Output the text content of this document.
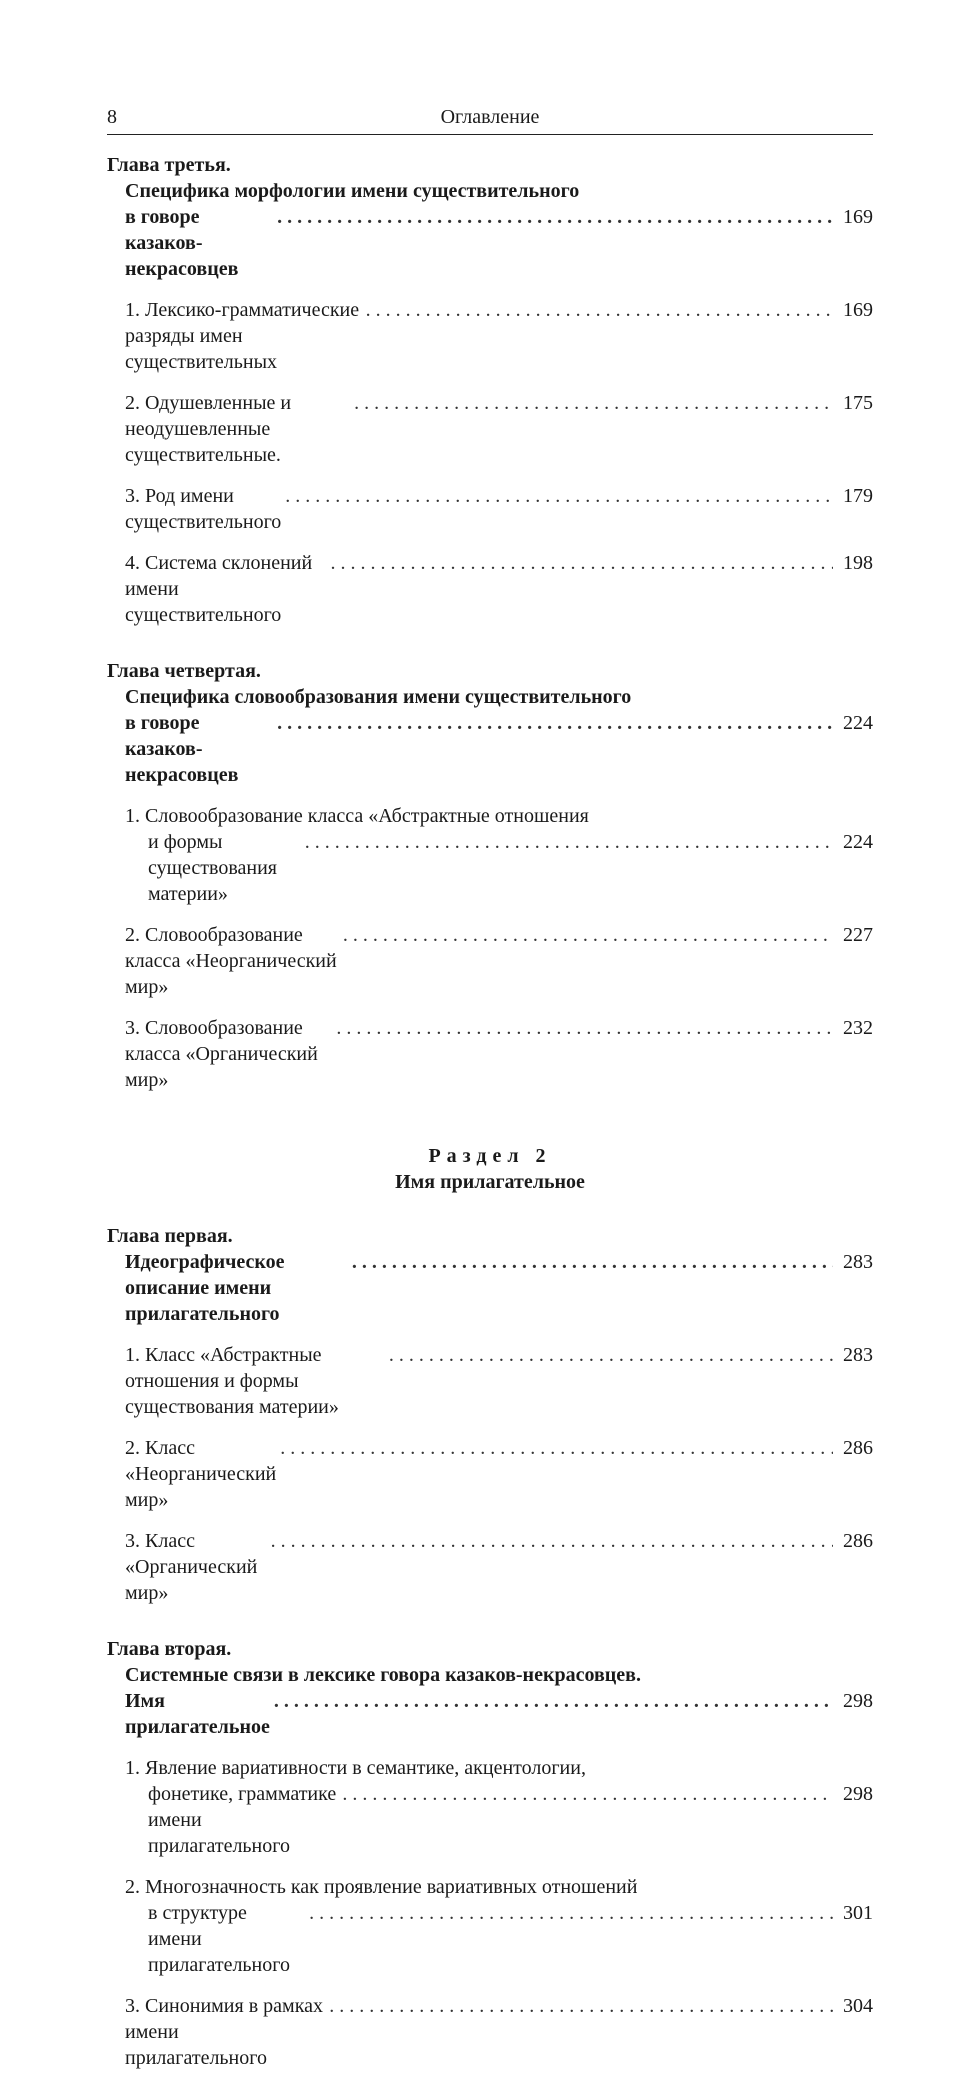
8	Оглавление
Глава третья.
Специфика морфологии имени существительного
в говоре казаков-некрасовцев
. . .
169
1. Лексико-грамматические разряды имен существительных
. . .
169
2. Одушевленные и неодушевленные существительные.
. . .
175
3. Род имени существительного
. . .
179
4. Система склонений имени существительного
. . .
198
Глава четвертая.
Специфика словообразования имени существительного
в говоре казаков-некрасовцев
. . .
224
1. Словообразование класса «Абстрактные отношения
и формы существования материи»
. . .
224
2. Словообразование класса «Неорганический мир»
. . .
227
3. Словообразование класса «Органический мир»
. . .
232
Раздел 2
Имя прилагательное
Глава первая.
Идеографическое описание имени прилагательного
. . .
283
1. Класс «Абстрактные отношения и формы существования материи»
. . .
283
2. Класс «Неорганический мир»
. . .
286
3. Класс «Органический мир»
. . .
286
Глава вторая.
Системные связи в лексике говора казаков-некрасовцев.
Имя прилагательное
. . .
298
1. Явление вариативности в семантике, акцентологии,
фонетике, грамматике имени прилагательного
. . .
298
2. Многозначность как проявление вариативных отношений
в структуре имени прилагательного
. . .
301
3. Синонимия в рамках имени прилагательного
. . .
304
